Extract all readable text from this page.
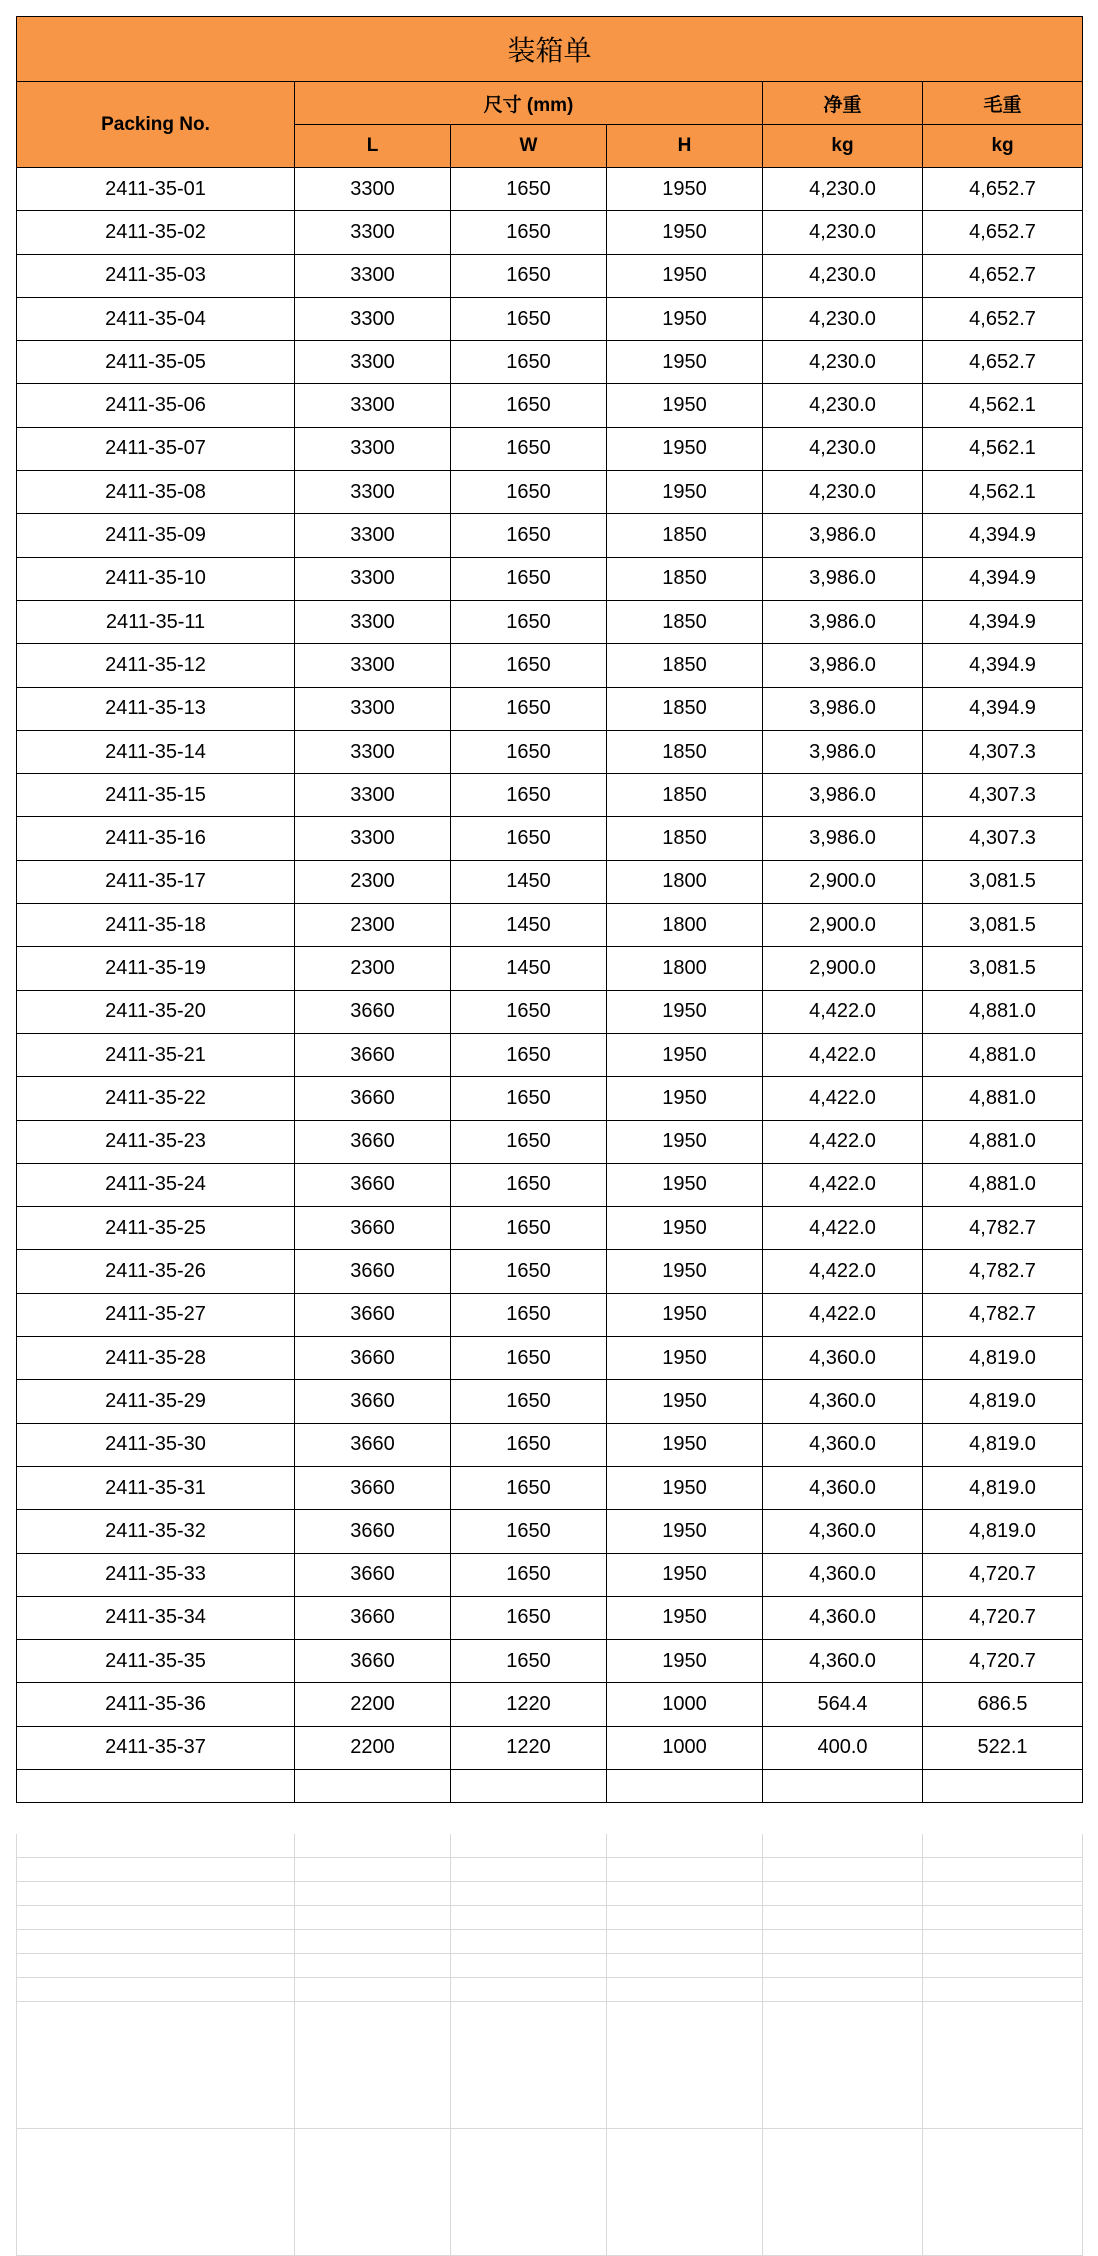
装箱单					
Packing No.	尺寸 (mm)			净重	毛重
	L	W	H	kg	kg
2411-35-01	3300	1650	1950	4,230.0	4,652.7
2411-35-02	3300	1650	1950	4,230.0	4,652.7
2411-35-03	3300	1650	1950	4,230.0	4,652.7
2411-35-04	3300	1650	1950	4,230.0	4,652.7
2411-35-05	3300	1650	1950	4,230.0	4,652.7
2411-35-06	3300	1650	1950	4,230.0	4,562.1
2411-35-07	3300	1650	1950	4,230.0	4,562.1
2411-35-08	3300	1650	1950	4,230.0	4,562.1
2411-35-09	3300	1650	1850	3,986.0	4,394.9
2411-35-10	3300	1650	1850	3,986.0	4,394.9
2411-35-11	3300	1650	1850	3,986.0	4,394.9
2411-35-12	3300	1650	1850	3,986.0	4,394.9
2411-35-13	3300	1650	1850	3,986.0	4,394.9
2411-35-14	3300	1650	1850	3,986.0	4,307.3
2411-35-15	3300	1650	1850	3,986.0	4,307.3
2411-35-16	3300	1650	1850	3,986.0	4,307.3
2411-35-17	2300	1450	1800	2,900.0	3,081.5
2411-35-18	2300	1450	1800	2,900.0	3,081.5
2411-35-19	2300	1450	1800	2,900.0	3,081.5
2411-35-20	3660	1650	1950	4,422.0	4,881.0
2411-35-21	3660	1650	1950	4,422.0	4,881.0
2411-35-22	3660	1650	1950	4,422.0	4,881.0
2411-35-23	3660	1650	1950	4,422.0	4,881.0
2411-35-24	3660	1650	1950	4,422.0	4,881.0
2411-35-25	3660	1650	1950	4,422.0	4,782.7
2411-35-26	3660	1650	1950	4,422.0	4,782.7
2411-35-27	3660	1650	1950	4,422.0	4,782.7
2411-35-28	3660	1650	1950	4,360.0	4,819.0
2411-35-29	3660	1650	1950	4,360.0	4,819.0
2411-35-30	3660	1650	1950	4,360.0	4,819.0
2411-35-31	3660	1650	1950	4,360.0	4,819.0
2411-35-32	3660	1650	1950	4,360.0	4,819.0
2411-35-33	3660	1650	1950	4,360.0	4,720.7
2411-35-34	3660	1650	1950	4,360.0	4,720.7
2411-35-35	3660	1650	1950	4,360.0	4,720.7
2411-35-36	2200	1220	1000	564.4	686.5
2411-35-37	2200	1220	1000	400.0	522.1
